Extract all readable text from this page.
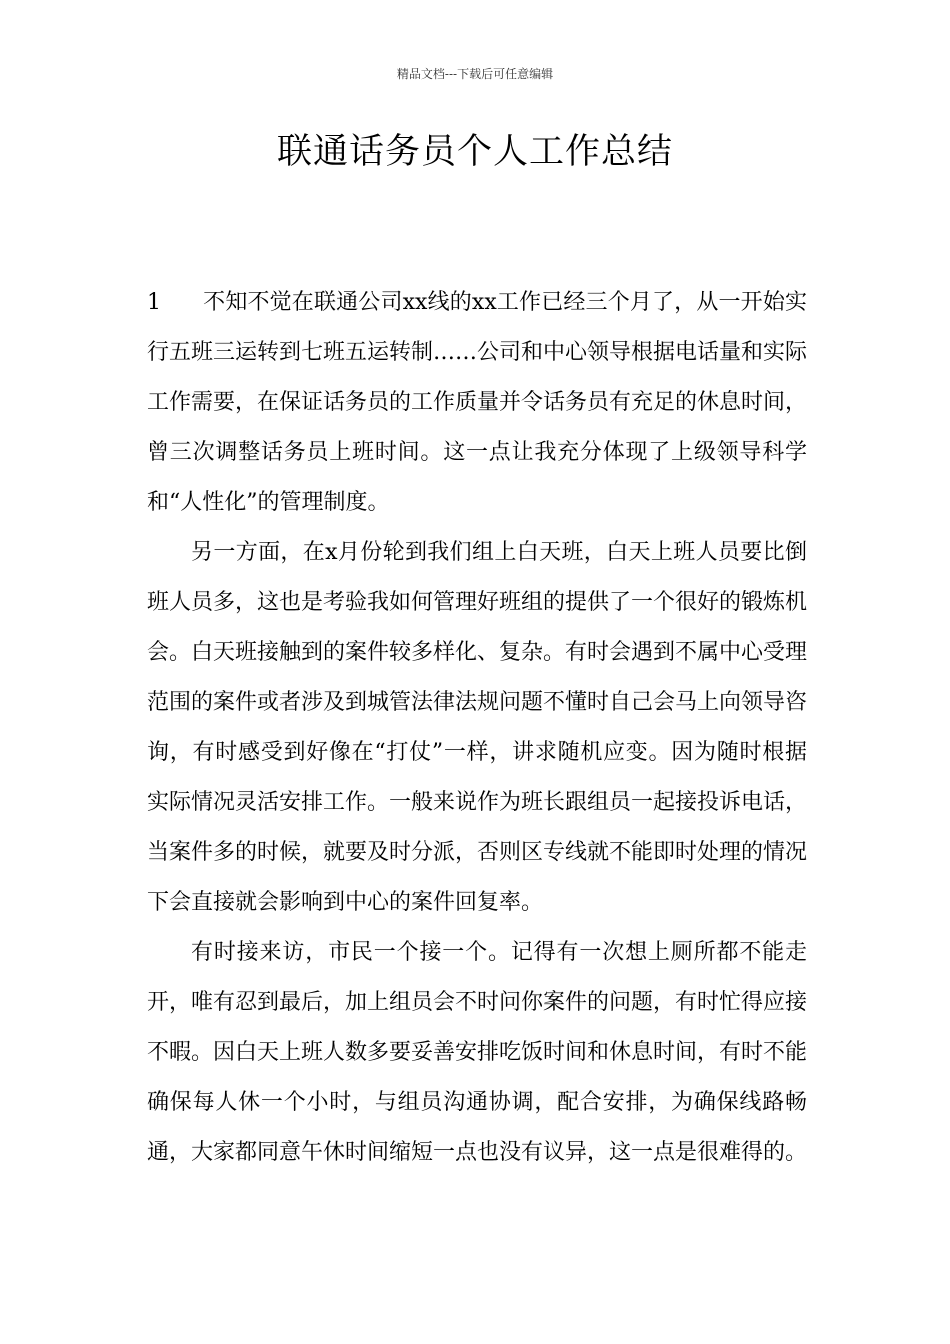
精品文档---下载后可任意编辑
联通话务员个人工作总结

1 不知不觉在联通公司xx线的xx工作已经三个月了，从一开始实行五班三运转到七班五运转制……公司和中心领导根据电话量和实际工作需要，在保证话务员的工作质量并令话务员有充足的休息时间，曾三次调整话务员上班时间。这一点让我充分体现了上级领导科学和“人性化”的管理制度。

另一方面，在x月份轮到我们组上白天班，白天上班人员要比倒班人员多，这也是考验我如何管理好班组的提供了一个很好的锻炼机会。白天班接触到的案件较多样化、复杂。有时会遇到不属中心受理范围的案件或者涉及到城管法律法规问题不懂时自己会马上向领导咨询，有时感受到好像在“打仗”一样，讲求随机应变。因为随时根据实际情况灵活安排工作。一般来说作为班长跟组员一起接投诉电话，当案件多的时候，就要及时分派，否则区专线就不能即时处理的情况下会直接就会影响到中心的案件回复率。

有时接来访，市民一个接一个。记得有一次想上厕所都不能走开，唯有忍到最后，加上组员会不时问你案件的问题，有时忙得应接不暇。因白天上班人数多要妥善安排吃饭时间和休息时间，有时不能确保每人休一个小时，与组员沟通协调，配合安排，为确保线路畅通，大家都同意午休时间缩短一点也没有议异，这一点是很难得的。
